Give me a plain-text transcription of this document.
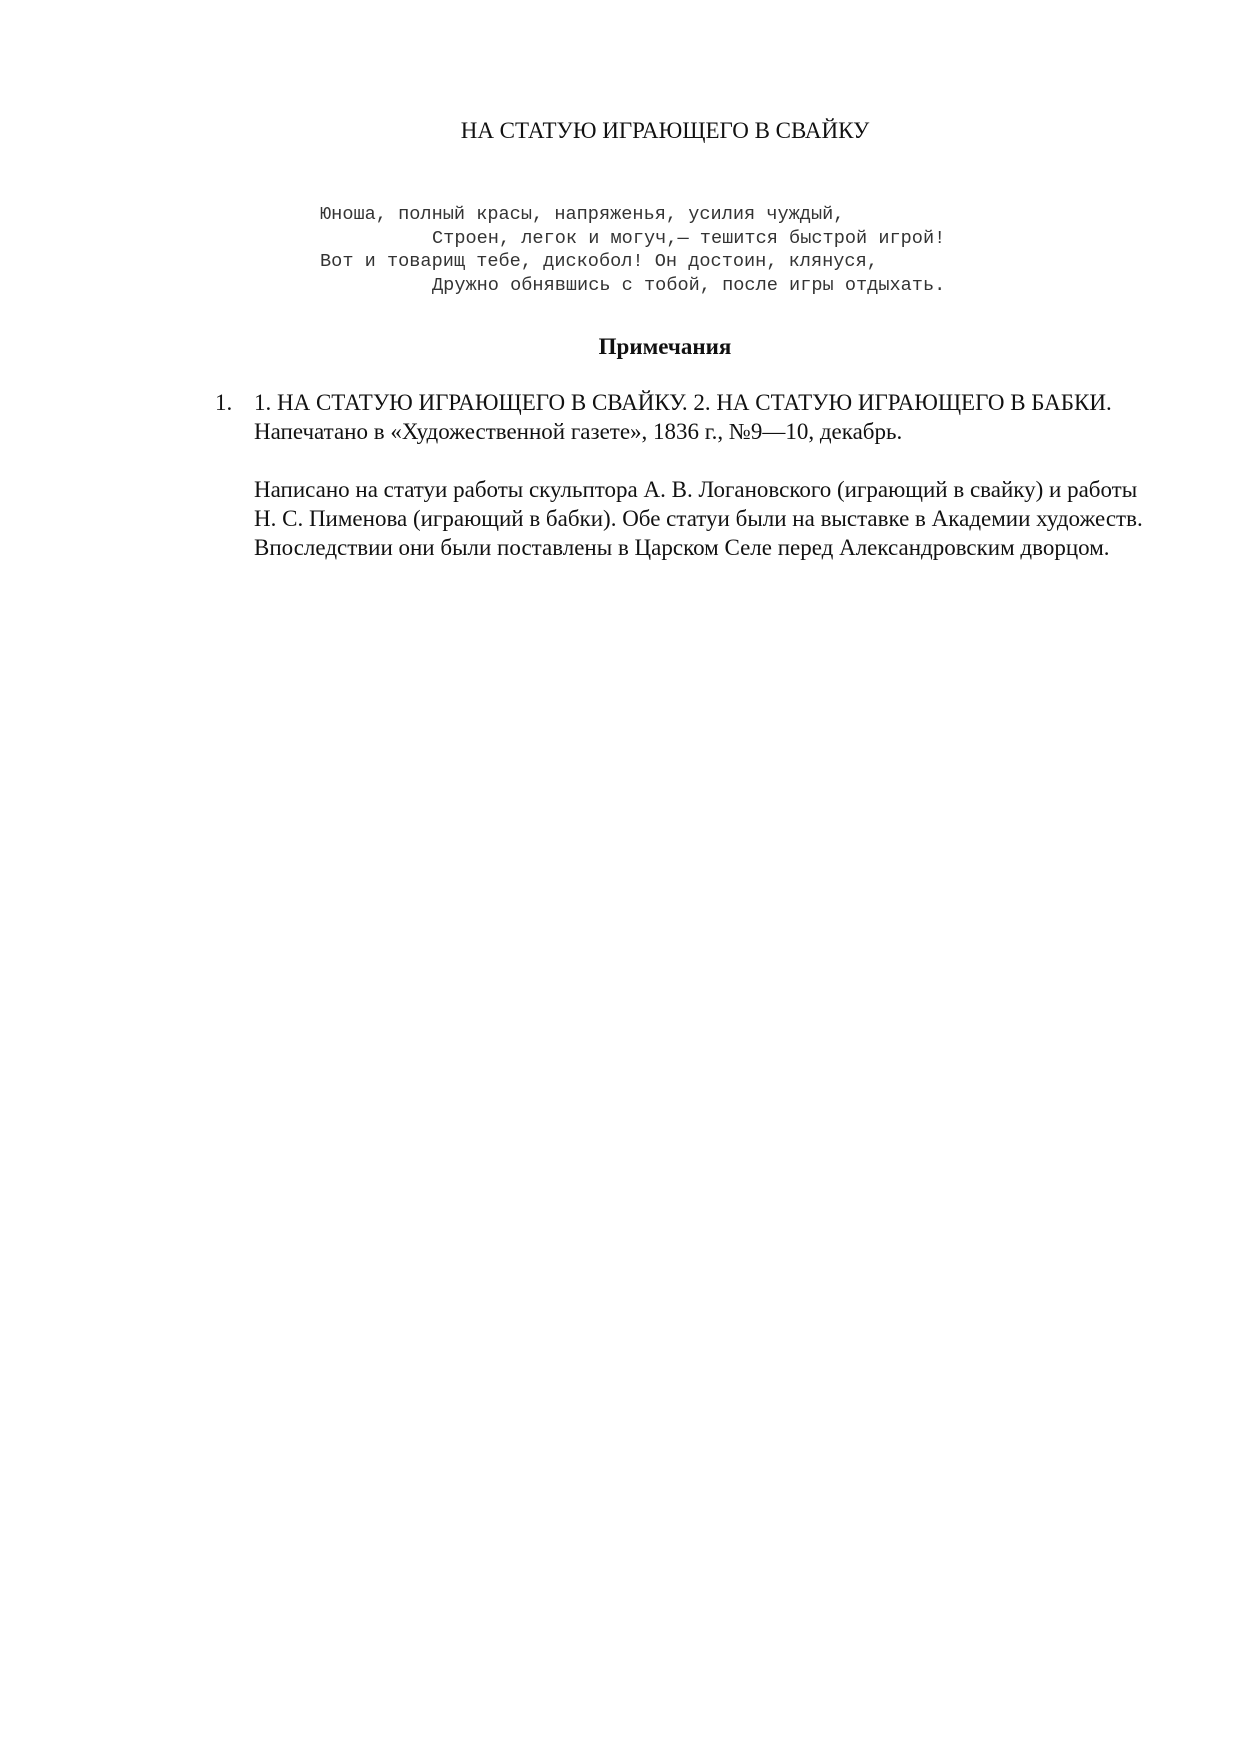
НА СТАТУЮ ИГРАЮЩЕГО В СВАЙКУ
Юноша, полный красы, напряженья, усилия чуждый,
Строен, легок и могуч,— тешится быстрой игрой!
Вот и товарищ тебе, дискобол! Он достоин, клянуся,
Дружно обнявшись с тобой, после игры отдыхать.
Примечания
1. 1. НА СТАТУЮ ИГРАЮЩЕГО В СВАЙКУ. 2. НА СТАТУЮ ИГРАЮЩЕГО В БАБКИ. Напечатано в «Художественной газете», 1836 г., №9—10, декабрь.

Написано на статуи работы скульптора А. В. Логановского (играющий в свайку) и работы Н. С. Пименова (играющий в бабки). Обе статуи были на выставке в Академии художеств. Впоследствии они были поставлены в Царском Селе перед Александровским дворцом.
